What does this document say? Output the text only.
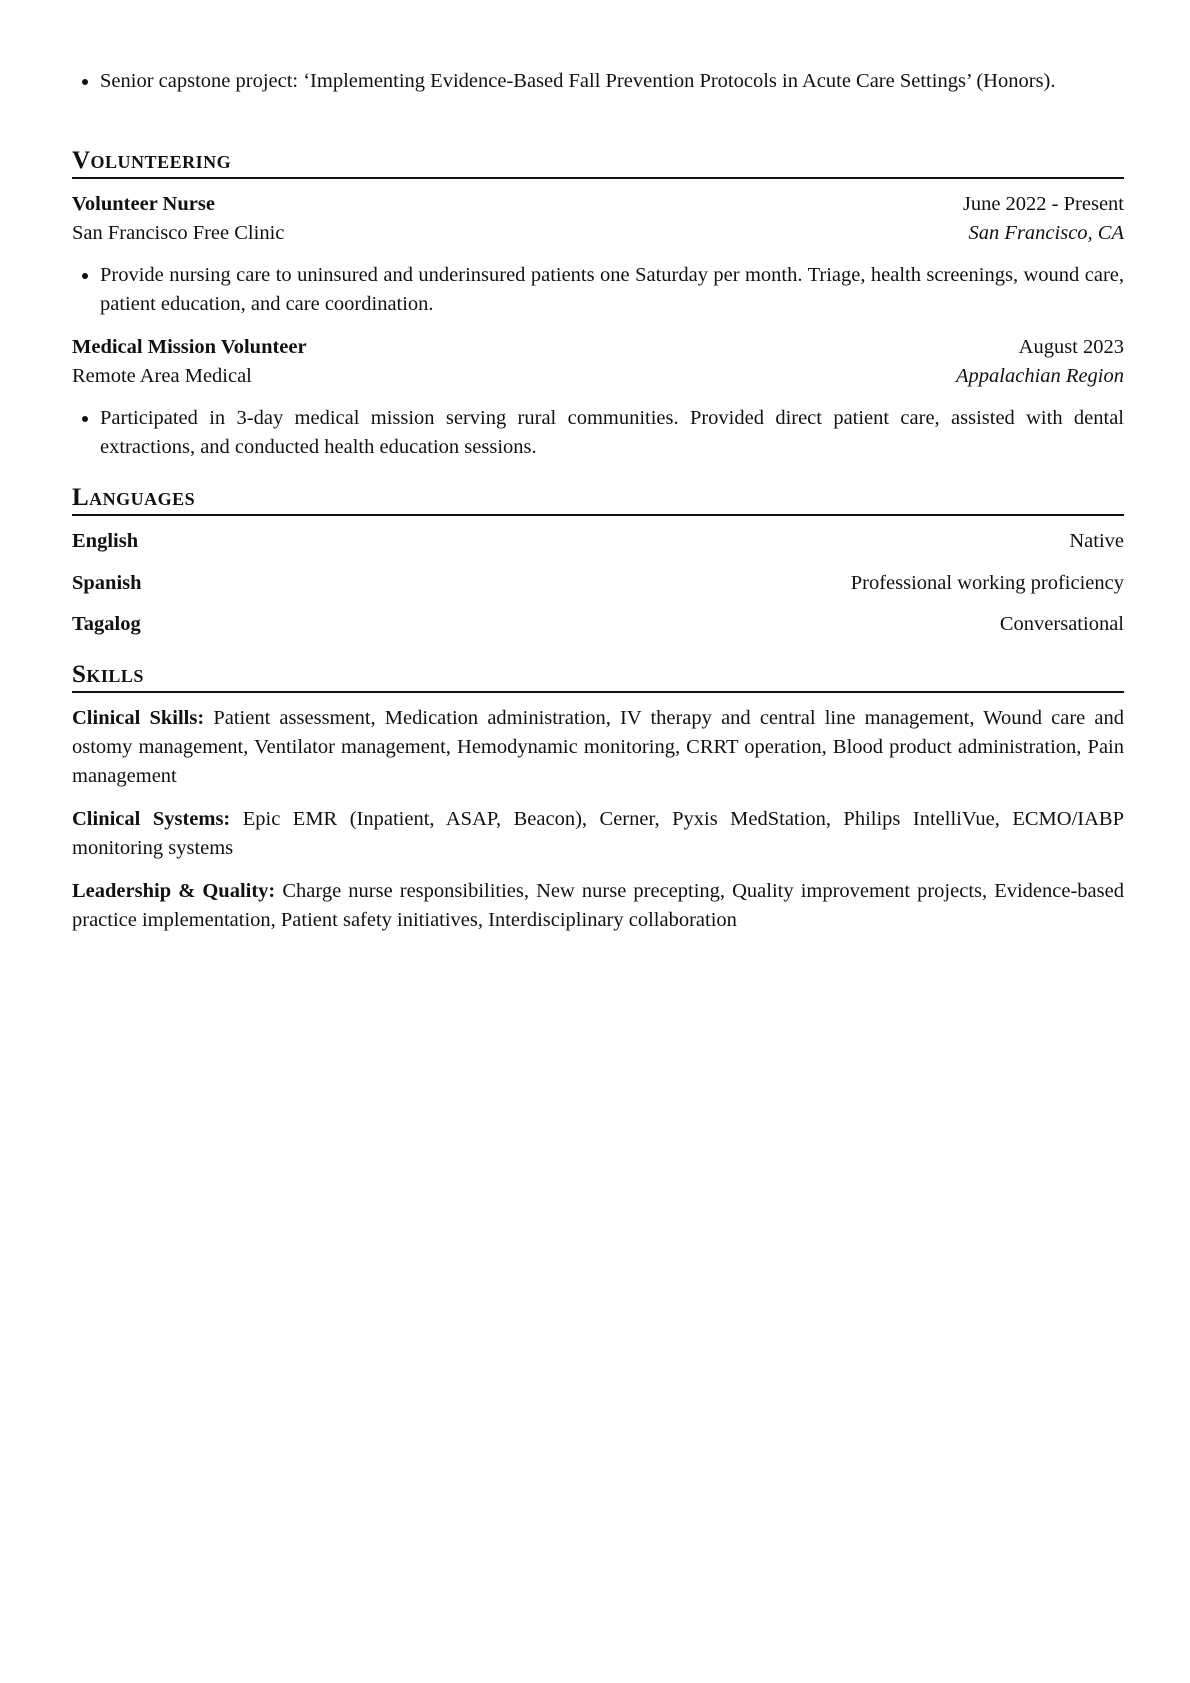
• Senior capstone project: ‘Implementing Evidence-Based Fall Prevention Protocols in Acute Care Settings’ (Honors).
Volunteering
Volunteer Nurse	June 2022 - Present
San Francisco Free Clinic	San Francisco, CA
• Provide nursing care to uninsured and underinsured patients one Saturday per month. Triage, health screenings, wound care, patient education, and care coordination.
Medical Mission Volunteer	August 2023
Remote Area Medical	Appalachian Region
• Participated in 3-day medical mission serving rural communities. Provided direct patient care, assisted with dental extractions, and conducted health education sessions.
Languages
English	Native
Spanish	Professional working proficiency
Tagalog	Conversational
Skills

Clinical Skills: Patient assessment, Medication administration, IV therapy and central line management, Wound care and ostomy management, Ventilator management, Hemodynamic monitoring, CRRT operation, Blood product administration, Pain management

Clinical Systems: Epic EMR (Inpatient, ASAP, Beacon), Cerner, Pyxis MedStation, Philips IntelliVue, ECMO/IABP monitoring systems

Leadership & Quality: Charge nurse responsibilities, New nurse precepting, Quality improvement projects, Evidence-based practice implementation, Patient safety initiatives, Interdisciplinary collaboration
